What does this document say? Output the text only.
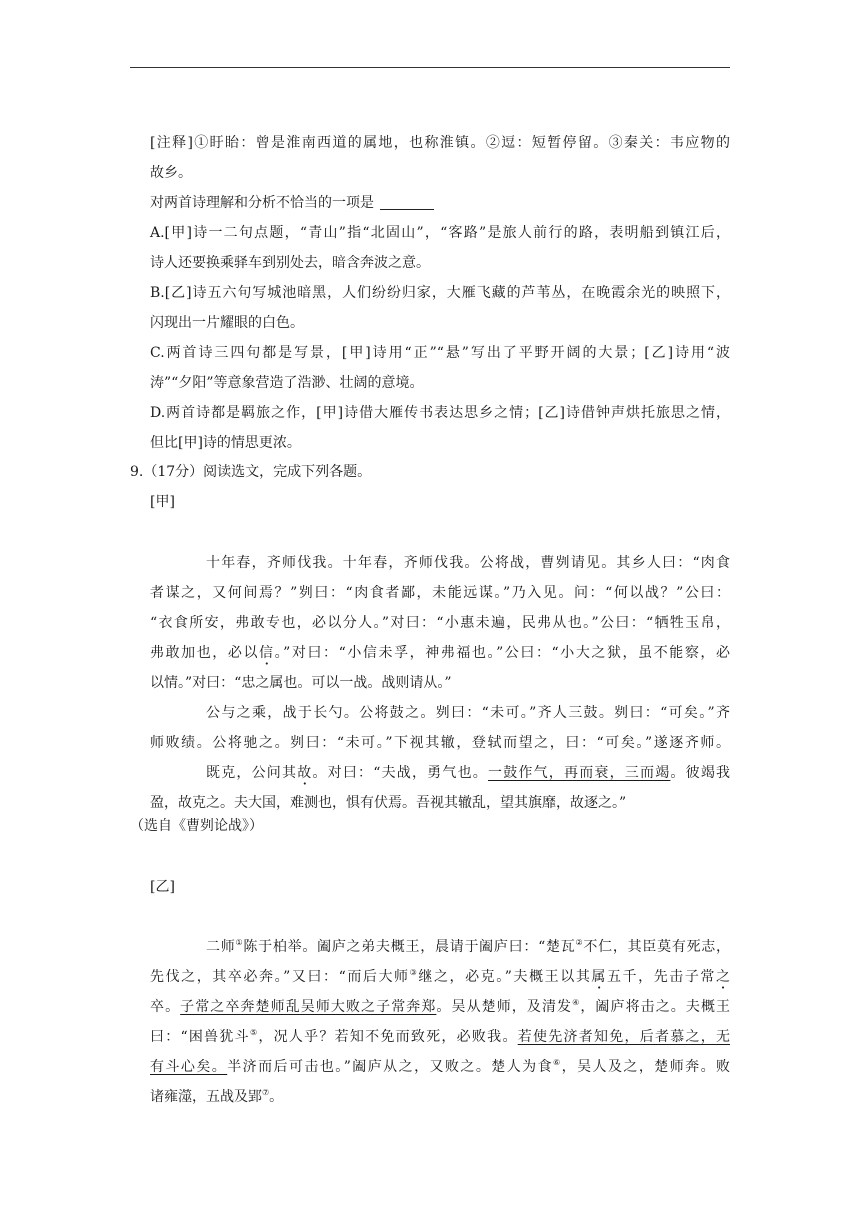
[注释]①盱眙：曾是淮南西道的属地，也称淮镇。②逗：短暂停留。③秦关：韦应物的
故乡。
对两首诗理解和分析不恰当的一项是
A.[甲]诗一二句点题，“青山”指“北固山”，“客路”是旅人前行的路，表明船到镇江后，
诗人还要换乘驿车到别处去，暗含奔波之意。
B.[乙]诗五六句写城池暗黑，人们纷纷归家，大雁飞藏的芦苇丛，在晚霞余光的映照下，
闪现出一片耀眼的白色。
C.两首诗三四句都是写景，[甲]诗用“正”“悬”写出了平野开阔的大景；[乙]诗用“波
涛”“夕阳”等意象营造了浩渺、壮阔的意境。
D.两首诗都是羁旅之作，[甲]诗借大雁传书表达思乡之情；[乙]诗借钟声烘托旅思之情，
但比[甲]诗的情思更浓。
9.（17分）阅读选文，完成下列各题。
[甲]
十年春，齐师伐我。十年春，齐师伐我。公将战，曹刿请见。其乡人曰：“肉食
者谋之，又何间焉？”刿曰：“肉食者鄙，未能远谋。”乃入见。问：“何以战？”公曰：
“衣食所安，弗敢专也，必以分人。”对曰：“小惠未遍，民弗从也。”公曰：“牺牲玉帛，
弗敢加也，必以信。”对曰：“小信未孚，神弗福也。”公曰：“小大之狱，虽不能察，必
以情。”对曰：“忠之属也。可以一战。战则请从。”
公与之乘，战于长勺。公将鼓之。刿曰：“未可。”齐人三鼓。刿曰：“可矣。”齐
师败绩。公将驰之。刿曰：“未可。”下视其辙，登轼而望之，曰：“可矣。”遂逐齐师。
既克，公问其故。对曰：“夫战，勇气也。一鼓作气，再而衰，三而竭。彼竭我
盈，故克之。夫大国，难测也，惧有伏焉。吾视其辙乱，望其旗靡，故逐之。”
（选自《曹刿论战》）
[乙]
二师①陈于柏举。阖庐之弟夫概王，晨请于阖庐曰：“楚瓦②不仁，其臣莫有死志，
先伐之，其卒必奔。”又曰：“而后大师③继之，必克。”夫概王以其属五千，先击子常之
卒。子常之卒奔楚师乱吴师大败之子常奔郑。吴从楚师，及清发④，阖庐将击之。夫概王
曰：“困兽犹斗⑤，况人乎？若知不免而致死，必败我。若使先济者知免，后者慕之，无
有斗心矣。半济而后可击也。”阖庐从之，又败之。楚人为食⑥，吴人及之，楚师奔。败
诸雍澨，五战及郢⑦。
